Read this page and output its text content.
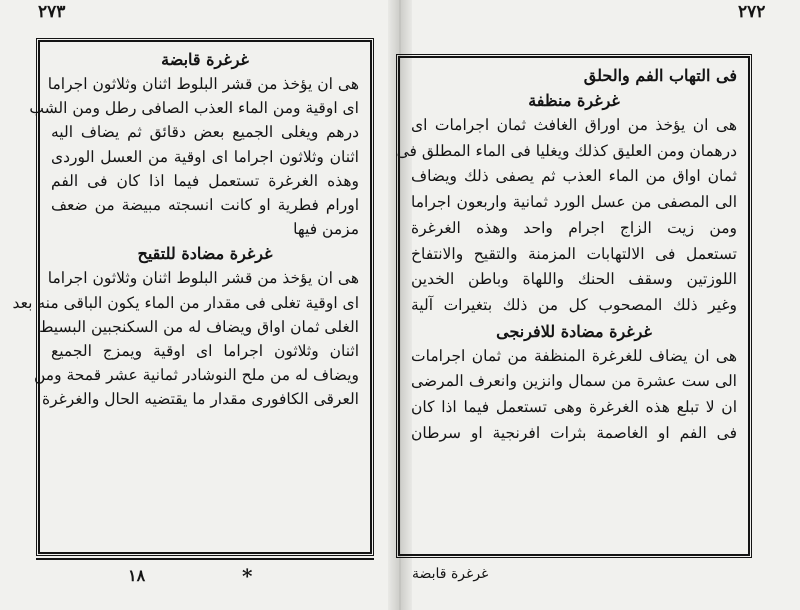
٢٧٣
غرغرة قابضة
هى ان يؤخذ من قشر البلوط اثنان وثلاثون اجراما
اى اوقية ومن الماء العذب الصافى رطل ومن الشب
درهم ويغلى الجميع بعض دقائق ثم يضاف اليه
اثنان وثلاثون اجراما اى اوقية من العسل الوردى
وهذه الغرغرة تستعمل فيما اذا كان فى الفم
اورام فطرية او كانت انسجته مبيضة من ضعف
مزمن فيها
غرغرة مضادة للتقيح
هى ان يؤخذ من قشر البلوط اثنان وثلاثون اجراما
اى اوقية تغلى فى مقدار من الماء يكون الباقى منه بعد
الغلى ثمان اواق ويضاف له من السكنجبين البسيط
اثنان وثلاثون اجراما اى اوقية ويمزج الجميع
ويضاف له من ملح النوشادر ثمانية عشر قمحة ومن
العرقى الكافورى مقدار ما يقتضيه الحال والغرغرة
١٨	*
٢٧٢
فى التهاب الفم والحلق
غرغرة منظفة
هى ان يؤخذ من اوراق الغافث ثمان اجرامات اى
درهمان ومن العليق كذلك ويغليا فى الماء المطلق فى
ثمان اواق من الماء العذب ثم يصفى ذلك ويضاف
الى المصفى من عسل الورد ثمانية واربعون اجراما
ومن زيت الزاج اجرام واحد وهذه الغرغرة
تستعمل فى الالتهابات المزمنة والتقيح والانتفاخ
اللوزتين وسقف الحنك واللهاة وباطن الخدين
وغير ذلك المصحوب كل من ذلك بتغيرات آلية
غرغرة مضادة للافرنجى
هى ان يضاف للغرغرة المنظفة من ثمان اجرامات
الى ست عشرة من سمال وانزين وانعرف المرضى
ان لا تبلع هذه الغرغرة وهى تستعمل فيما اذا كان
فى الفم او الغاصمة بثرات افرنجية او سرطان
غرغرة قابضة
